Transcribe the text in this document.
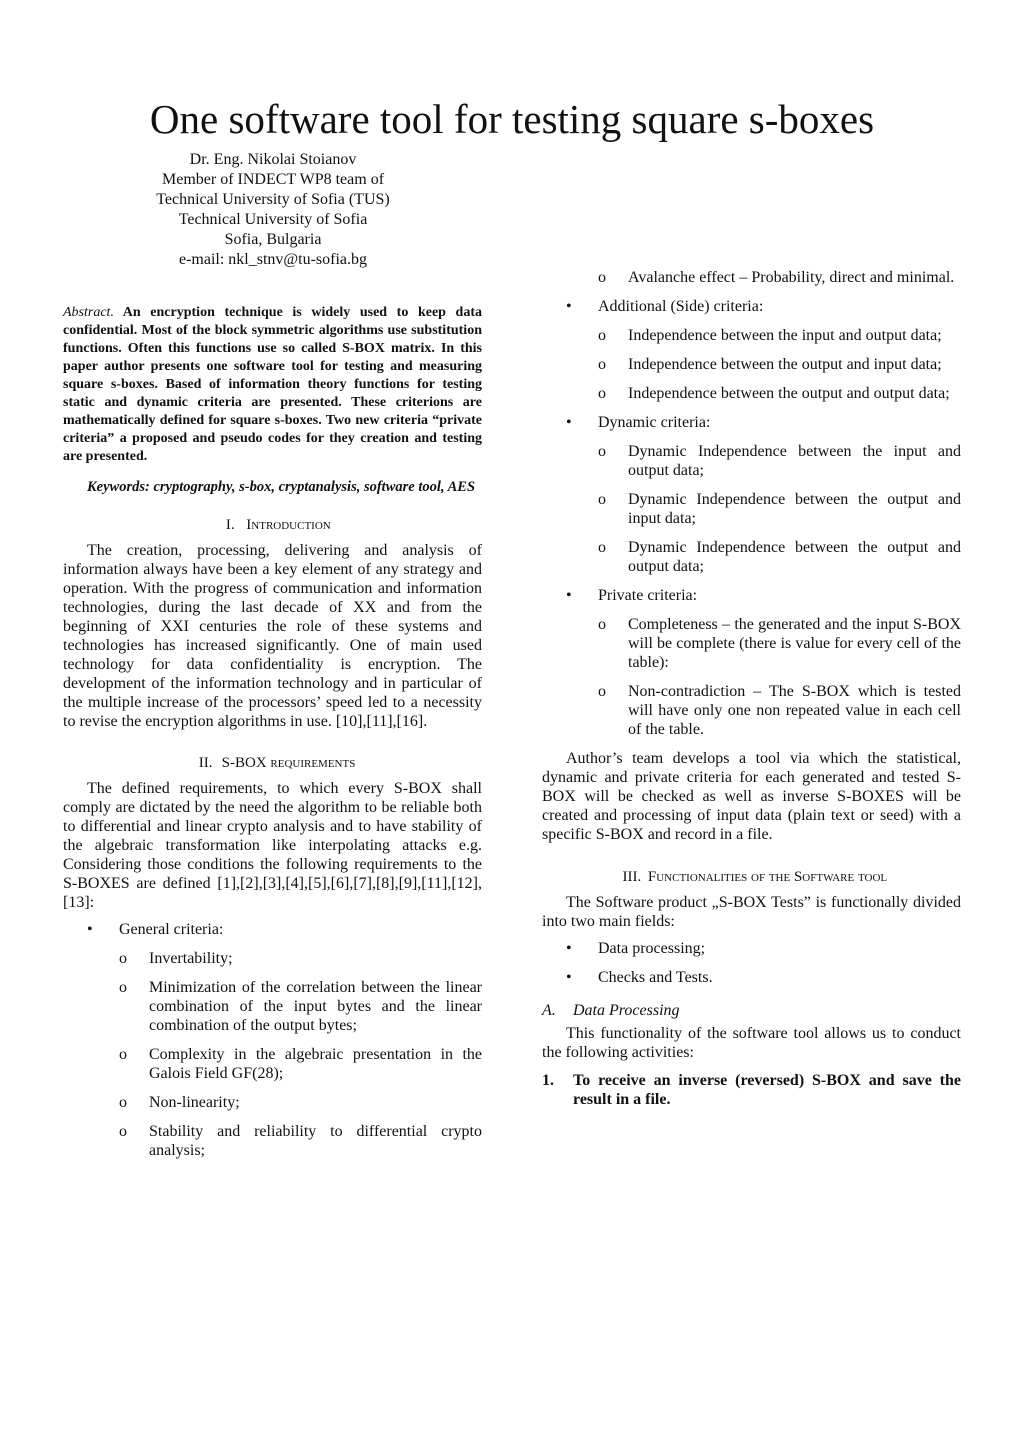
One software tool for testing square s-boxes
Dr. Eng. Nikolai Stoianov
Member of INDECT WP8 team of
Technical University of Sofia (TUS)
Technical University of Sofia
Sofia, Bulgaria
e-mail: nkl_stnv@tu-sofia.bg
Abstract. An encryption technique is widely used to keep data confidential. Most of the block symmetric algorithms use substitution functions. Often this functions use so called S-BOX matrix. In this paper author presents one software tool for testing and measuring square s-boxes. Based of information theory functions for testing static and dynamic criteria are presented. These criterions are mathematically defined for square s-boxes. Two new criteria “private criteria” a proposed and pseudo codes for they creation and testing are presented.
Keywords: cryptography, s-box, cryptanalysis, software tool, AES
I. Introduction

The creation, processing, delivering and analysis of information always have been a key element of any strategy and operation. With the progress of communication and information technologies, during the last decade of XX and from the beginning of XXI centuries the role of these systems and technologies has increased significantly. One of main used technology for data confidentiality is encryption. The development of the information technology and in particular of the multiple increase of the processors’ speed led to a necessity to revise the encryption algorithms in use. [10],[11],[16].

II. S-BOX requirements

The defined requirements, to which every S-BOX shall comply are dictated by the need the algorithm to be reliable both to differential and linear crypto analysis and to have stability of the algebraic transformation like interpolating attacks e.g. Considering those conditions the following requirements to the S-BOXES are defined [1],[2],[3],[4],[5],[6],[7],[8],[9],[11],[12],[13]:

• General criteria:
o Invertability;
o Minimization of the correlation between the linear combination of the input bytes and the linear combination of the output bytes;
o Complexity in the algebraic presentation in the Galois Field GF(28);
o Non-linearity;
o Stability and reliability to differential crypto analysis;
o Avalanche effect – Probability, direct and minimal.
• Additional (Side) criteria:
o Independence between the input and output data;
o Independence between the output and input data;
o Independence between the output and output data;
• Dynamic criteria:
o Dynamic Independence between the input and output data;
o Dynamic Independence between the output and input data;
o Dynamic Independence between the output and output data;
• Private criteria:
o Completeness – the generated and the input S-BOX will be complete (there is value for every cell of the table):
o Non-contradiction – The S-BOX which is tested will have only one non repeated value in each cell of the table.

Author’s team develops a tool via which the statistical, dynamic and private criteria for each generated and tested S-BOX will be checked as well as inverse S-BOXES will be created and processing of input data (plain text or seed) with a specific S-BOX and record in a file.

III. Functionalities of the Software tool

The Software product „S-BOX Tests” is functionally divided into two main fields:

• Data processing;
• Checks and Tests.
A. Data Processing

This functionality of the software tool allows us to conduct the following activities:

1. To receive an inverse (reversed) S-BOX and save the result in a file.
